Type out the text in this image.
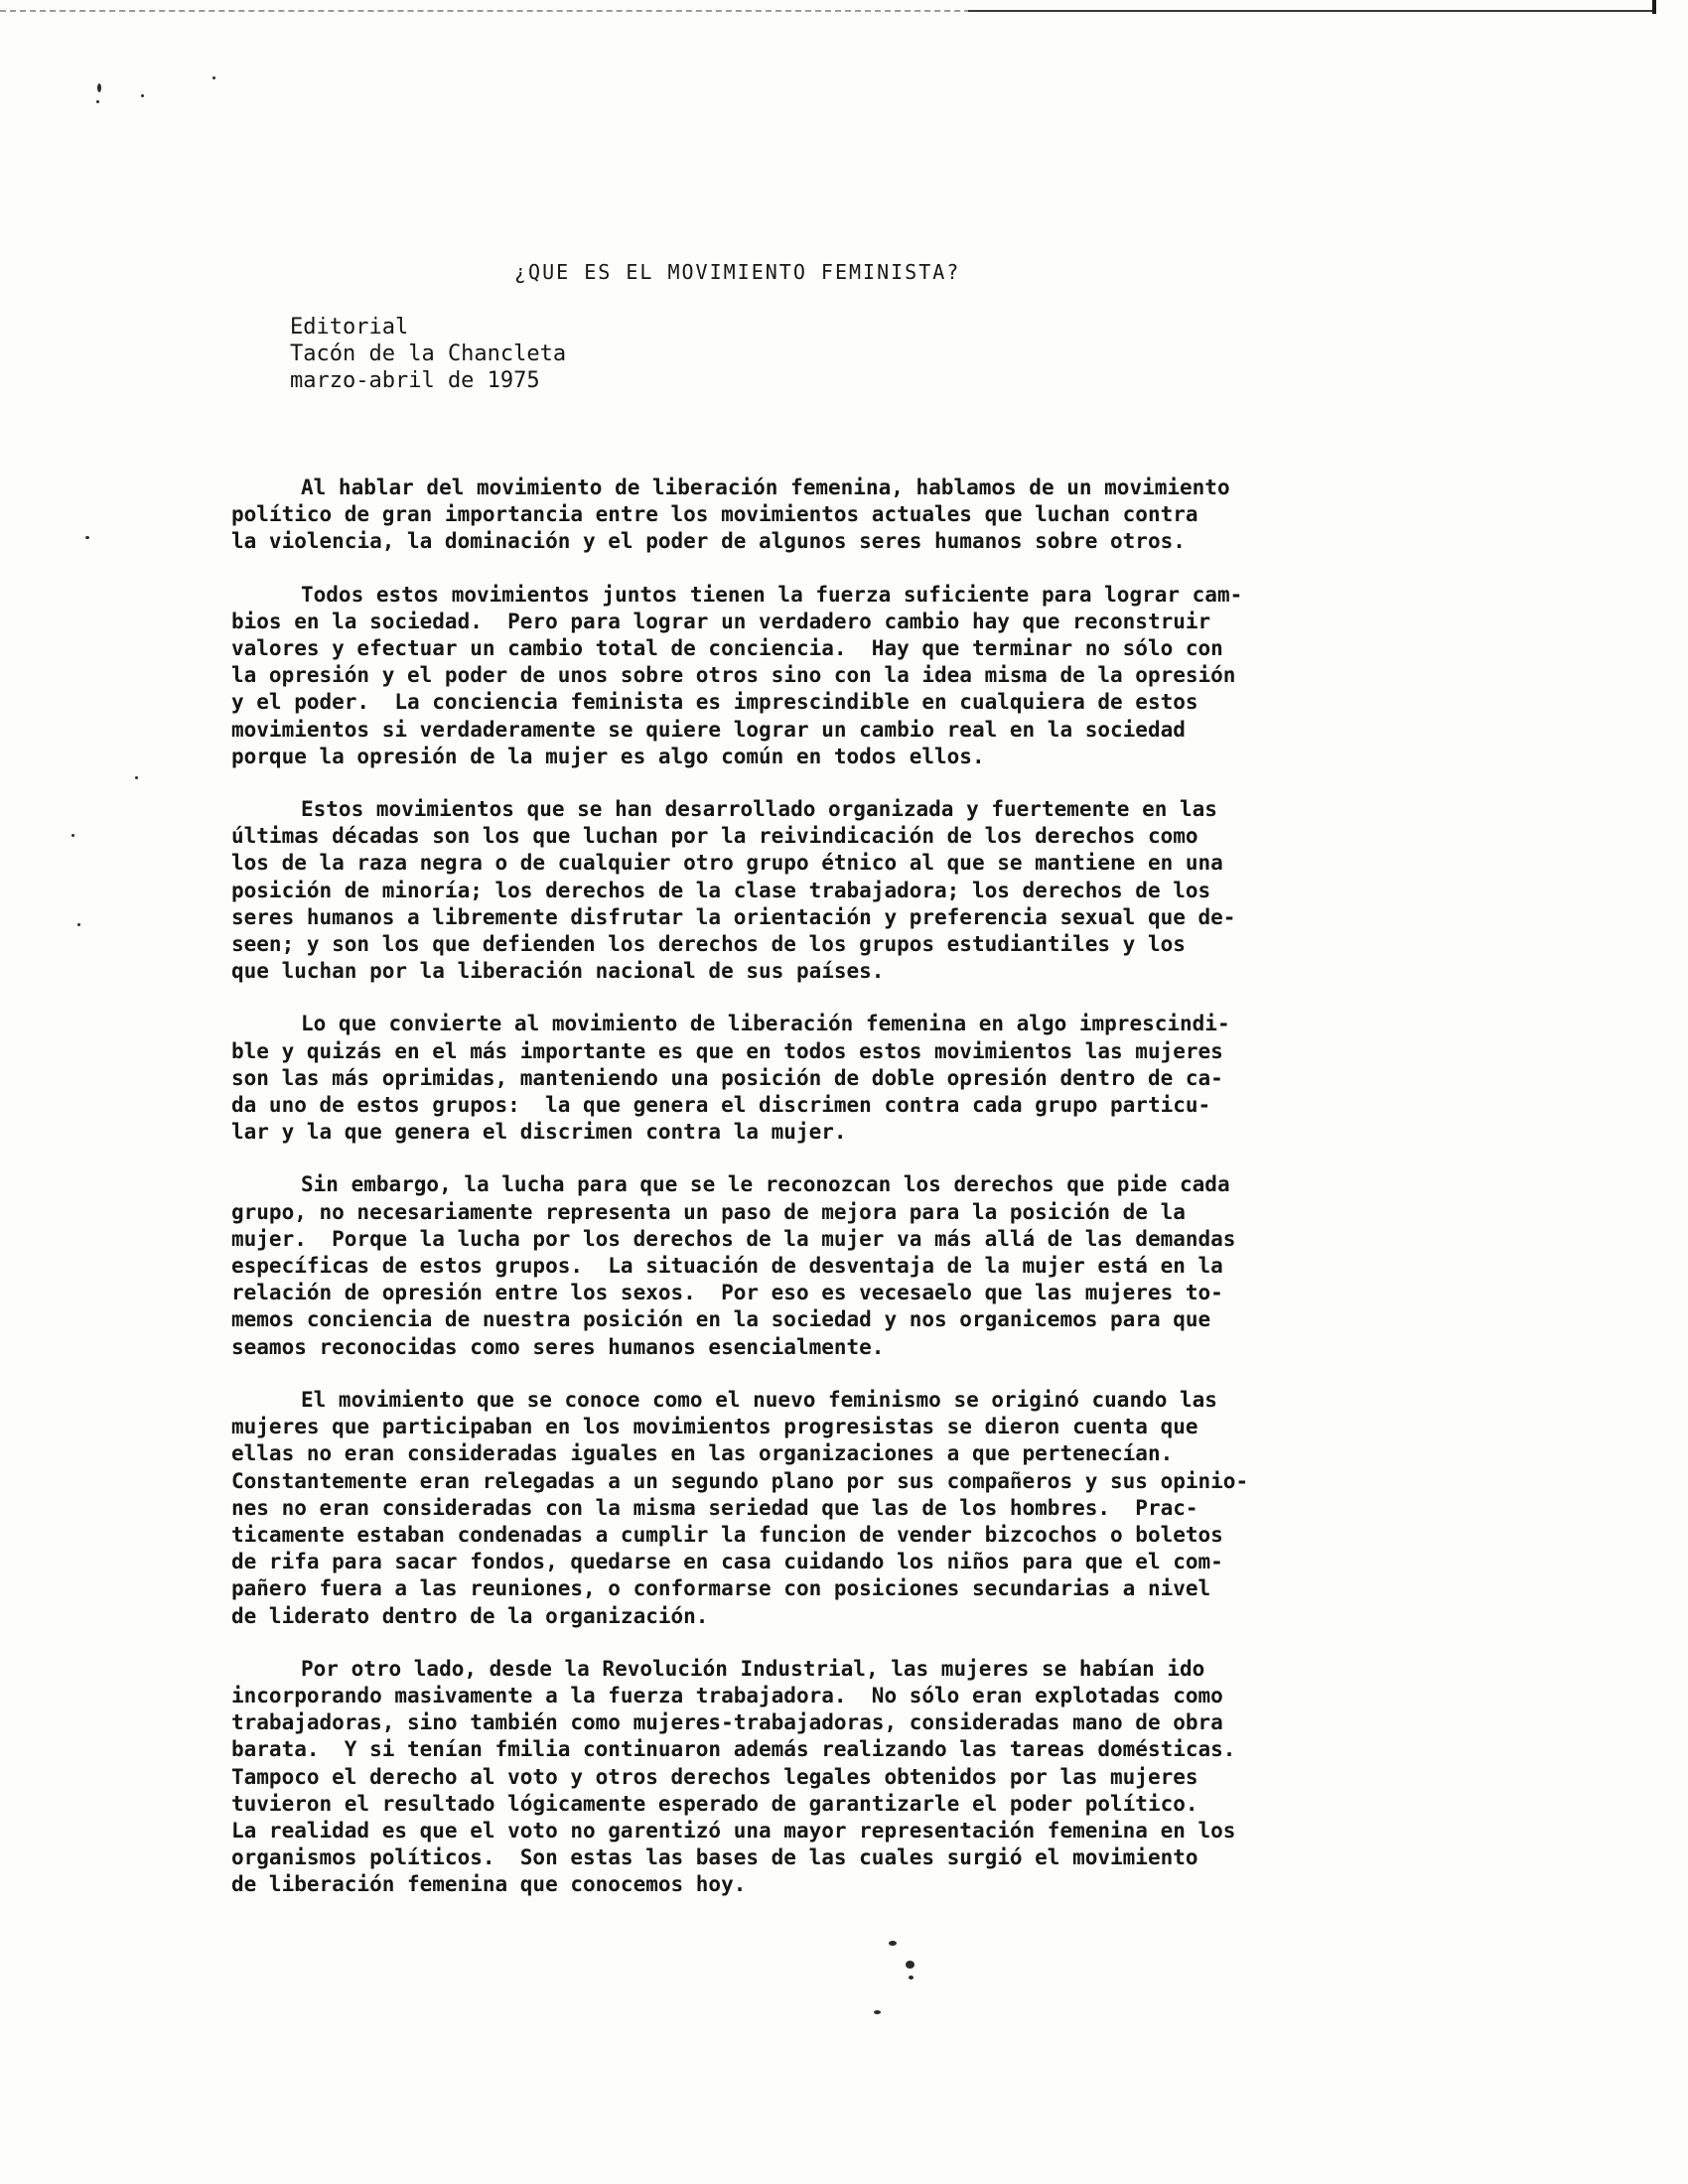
¿QUE ES EL MOVIMIENTO FEMINISTA?
Editorial
Tacón de la Chancleta
marzo-abril de 1975
Al hablar del movimiento de liberación femenina, hablamos de un movimiento
político de gran importancia entre los movimientos actuales que luchan contra
la violencia, la dominación y el poder de algunos seres humanos sobre otros.
Todos estos movimientos juntos tienen la fuerza suficiente para lograr cam-
bios en la sociedad.  Pero para lograr un verdadero cambio hay que reconstruir
valores y efectuar un cambio total de conciencia.  Hay que terminar no sólo con
la opresión y el poder de unos sobre otros sino con la idea misma de la opresión
y el poder.  La conciencia feminista es imprescindible en cualquiera de estos
movimientos si verdaderamente se quiere lograr un cambio real en la sociedad
porque la opresión de la mujer es algo común en todos ellos.
Estos movimientos que se han desarrollado organizada y fuertemente en las
últimas décadas son los que luchan por la reivindicación de los derechos como
los de la raza negra o de cualquier otro grupo étnico al que se mantiene en una
posición de minoría; los derechos de la clase trabajadora; los derechos de los
seres humanos a libremente disfrutar la orientación y preferencia sexual que de-
seen; y son los que defienden los derechos de los grupos estudiantiles y los
que luchan por la liberación nacional de sus países.
Lo que convierte al movimiento de liberación femenina en algo imprescindi-
ble y quizás en el más importante es que en todos estos movimientos las mujeres
son las más oprimidas, manteniendo una posición de doble opresión dentro de ca-
da uno de estos grupos:  la que genera el discrimen contra cada grupo particu-
lar y la que genera el discrimen contra la mujer.
Sin embargo, la lucha para que se le reconozcan los derechos que pide cada
grupo, no necesariamente representa un paso de mejora para la posición de la
mujer.  Porque la lucha por los derechos de la mujer va más allá de las demandas
específicas de estos grupos.  La situación de desventaja de la mujer está en la
relación de opresión entre los sexos.  Por eso es vecesaelo que las mujeres to-
memos conciencia de nuestra posición en la sociedad y nos organicemos para que
seamos reconocidas como seres humanos esencialmente.
El movimiento que se conoce como el nuevo feminismo se originó cuando las
mujeres que participaban en los movimientos progresistas se dieron cuenta que
ellas no eran consideradas iguales en las organizaciones a que pertenecían.
Constantemente eran relegadas a un segundo plano por sus compañeros y sus opinio-
nes no eran consideradas con la misma seriedad que las de los hombres.  Prac-
ticamente estaban condenadas a cumplir la funcion de vender bizcochos o boletos
de rifa para sacar fondos, quedarse en casa cuidando los niños para que el com-
pañero fuera a las reuniones, o conformarse con posiciones secundarias a nivel
de liderato dentro de la organización.
Por otro lado, desde la Revolución Industrial, las mujeres se habían ido
incorporando masivamente a la fuerza trabajadora.  No sólo eran explotadas como
trabajadoras, sino también como mujeres-trabajadoras, consideradas mano de obra
barata.  Y si tenían fmilia continuaron además realizando las tareas domésticas.
Tampoco el derecho al voto y otros derechos legales obtenidos por las mujeres
tuvieron el resultado lógicamente esperado de garantizarle el poder político.
La realidad es que el voto no garentizó una mayor representación femenina en los
organismos políticos.  Son estas las bases de las cuales surgió el movimiento
de liberación femenina que conocemos hoy.
